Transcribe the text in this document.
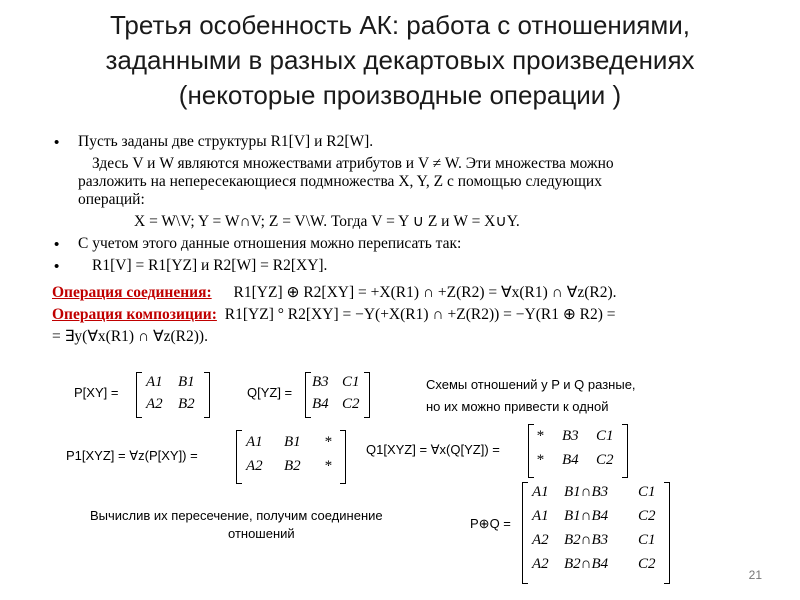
Третья особенность АК: работа с отношениями,
заданными в разных декартовых произведениях
(некоторые производные операции )
• Пусть заданы две структуры R1[V] и R2[W].
Здесь V и W являются множествами атрибутов и V ≠ W. Эти множества можно
разложить на непересекающиеся подмножества X, Y, Z с помощью следующих
операций:
X = W\V; Y = W∩V; Z = V\W. Тогда V = Y ∪ Z и W = X∪Y.
• С учетом этого данные отношения можно переписать так:
• R1[V] = R1[YZ] и R2[W] = R2[XY].
Операция соединения: R1[YZ] ⊕ R2[XY] = +X(R1) ∩ +Z(R2) = ∀x(R1) ∩ ∀z(R2).
Операция композиции: R1[YZ] ° R2[XY] = −Y(+X(R1) ∩ +Z(R2)) = −Y(R1 ⊕ R2) =
= ∃y(∀x(R1) ∩ ∀z(R2)).
P[XY] =
A1 B1
A2 B2
Q[YZ] =
B3 C1
B4 C2
Схемы отношений у P и Q разные,
но их можно привести к одной
P1[XYZ] = ∀z(P[XY]) =
A1 B1 *
A2 B2 *
Q1[XYZ] = ∀x(Q[YZ]) =
* B3 C1
* B4 C2
Вычислив их пересечение, получим соединение
отношений
P⊕Q =
A1 B1∩B3 C1
A1 B1∩B4 C2
A2 B2∩B3 C1
A2 B2∩B4 C2
21
